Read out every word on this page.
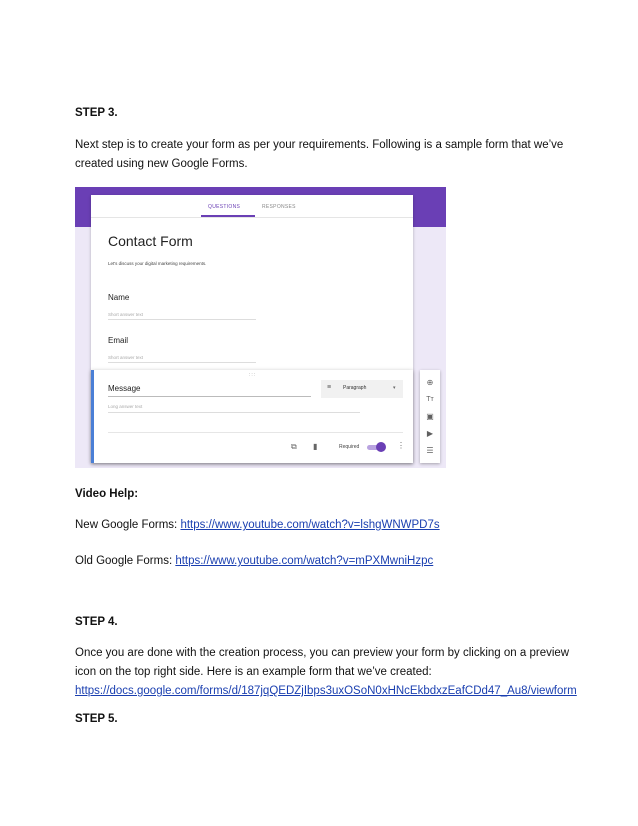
STEP 3.
Next step is to create your form as per your requirements. Following is a sample form that we’ve
created using new Google Forms.
QUESTIONS	RESPONSES
Contact Form
Let's discuss your digital marketing requirements.
Name
Short answer text
Email
Short answer text
:::
Message	≡ Paragraph	▾
Long answer text
⧉ ▮	Required	⋮
⊕
Tт
▣
▶
☰
Video Help:
New Google Forms: https://www.youtube.com/watch?v=lshgWNWPD7s
Old Google Forms: https://www.youtube.com/watch?v=mPXMwniHzpc
STEP 4.
Once you are done with the creation process, you can preview your form by clicking on a preview
icon on the top right side. Here is an example form that we’ve created:
https://docs.google.com/forms/d/187jqQEDZjIbps3uxOSoN0xHNcEkbdxzEafCDd47_Au8/viewform
STEP 5.
